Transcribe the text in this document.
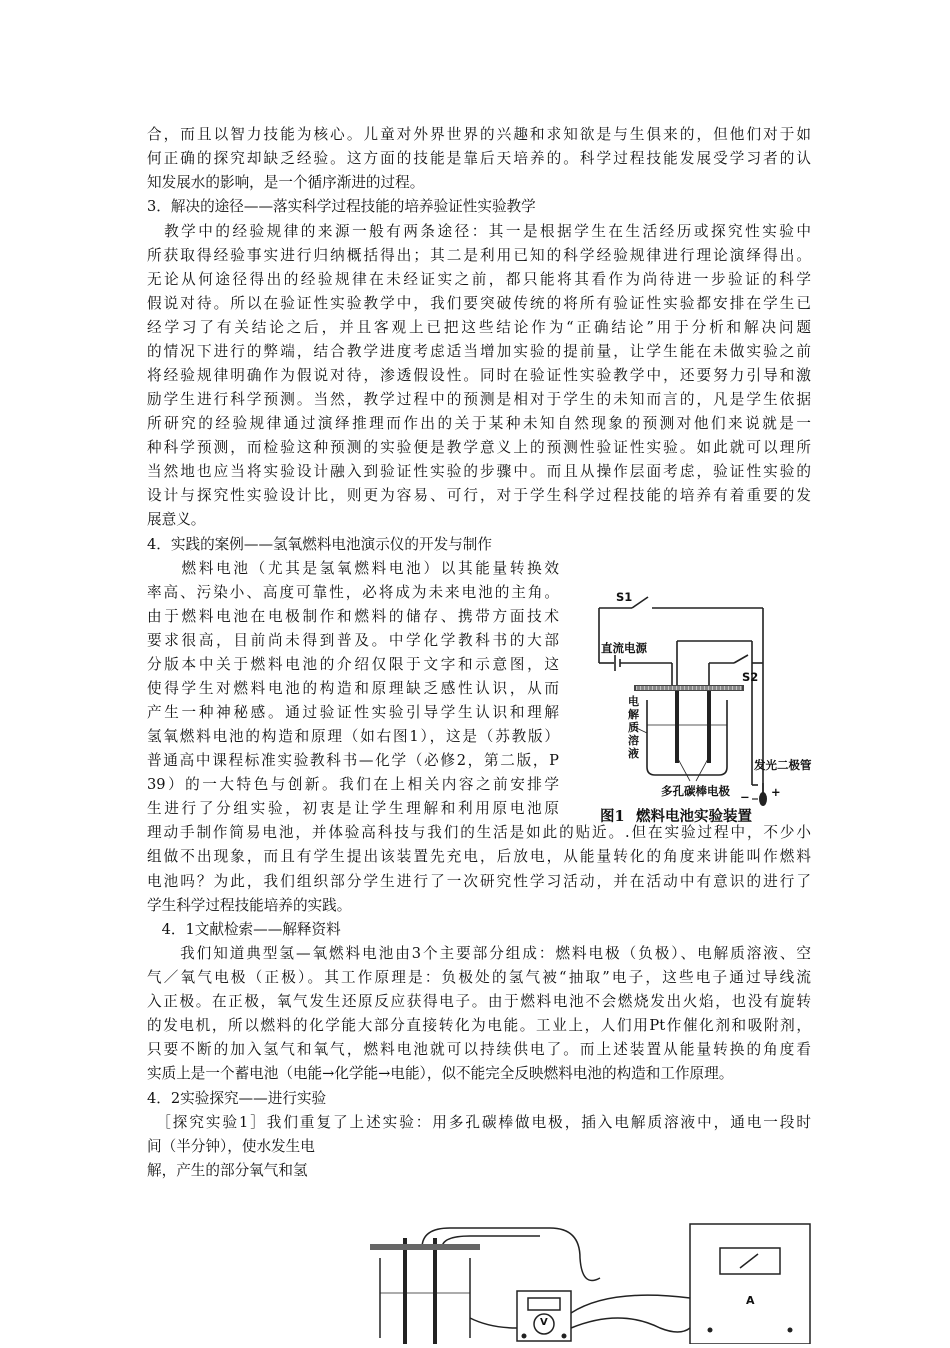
合，而且以智力技能为核心。儿童对外界世界的兴趣和求知欲是与生俱来的，但他们对于如
何正确的探究却缺乏经验。这方面的技能是靠后天培养的。科学过程技能发展受学习者的认
知发展水的影响，是一个循序渐进的过程。
3．解决的途径——落实科学过程技能的培养验证性实验教学
　教学中的经验规律的来源一般有两条途径：其一是根据学生在生活经历或探究性实验中
所获取得经验事实进行归纳概括得出；其二是利用已知的科学经验规律进行理论演绎得出。
无论从何途径得出的经验规律在未经证实之前，都只能将其看作为尚待进一步验证的科学
假说对待。所以在验证性实验教学中，我们要突破传统的将所有验证性实验都安排在学生已
经学习了有关结论之后，并且客观上已把这些结论作为“正确结论”用于分析和解决问题
的情况下进行的弊端，结合教学进度考虑适当增加实验的提前量，让学生能在未做实验之前
将经验规律明确作为假说对待，渗透假设性。同时在验证性实验教学中，还要努力引导和激
励学生进行科学预测。当然，教学过程中的预测是相对于学生的未知而言的，凡是学生依据
所研究的经验规律通过演绎推理而作出的关于某种未知自然现象的预测对他们来说就是一
种科学预测，而检验这种预测的实验便是教学意义上的预测性验证性实验。如此就可以理所
当然地也应当将实验设计融入到验证性实验的步骤中。而且从操作层面考虑，验证性实验的
设计与探究性实验设计比，则更为容易、可行，对于学生科学过程技能的培养有着重要的发
展意义。
4．实践的案例——氢氧燃料电池演示仪的开发与制作
　　燃料电池（尤其是氢氧燃料电池）以其能量转换效
率高、污染小、高度可靠性，必将成为未来电池的主角。
由于燃料电池在电极制作和燃料的储存、携带方面技术
要求很高，目前尚未得到普及。中学化学教科书的大部
分版本中关于燃料电池的介绍仅限于文字和示意图，这
使得学生对燃料电池的构造和原理缺乏感性认识，从而
产生一种神秘感。通过验证性实验引导学生认识和理解
氢氧燃料电池的构造和原理（如右图1），这是（苏教版）
普通高中课程标准实验教科书—化学（必修2，第二版，P
39）的一大特色与创新。我们在上相关内容之前安排学
生进行了分组实验，初衷是让学生理解和利用原电池原
理动手制作简易电池，并体验高科技与我们的生活是如此的贴近。.但在实验过程中，不少小
组做不出现象，而且有学生提出该装置先充电，后放电，从能量转化的角度来讲能叫作燃料
电池吗？为此，我们组织部分学生进行了一次研究性学习活动，并在活动中有意识的进行了
学生科学过程技能培养的实践。
　4．1文献检索——解释资料
　　我们知道典型氢—氧燃料电池由3个主要部分组成：燃料电极（负极）、电解质溶液、空
气／氧气电极（正极）。其工作原理是：负极处的氢气被“抽取”电子，这些电子通过导线流
入正极。在正极，氧气发生还原反应获得电子。由于燃料电池不会燃烧发出火焰，也没有旋转
的发电机，所以燃料的化学能大部分直接转化为电能。工业上，人们用Pt作催化剂和吸附剂，
只要不断的加入氢气和氧气，燃料电池就可以持续供电了。而上述装置从能量转换的角度看
实质上是一个蓄电池（电能→化学能→电能），似不能完全反映燃料电池的构造和工作原理。
4．2实验探究——进行实验
　［探究实验1］我们重复了上述实验：用多孔碳棒做电极，插入电解质溶液中，通电一段时
间（半分钟），使水发生电
解，产生的部分氧气和氢
S1
直流电源
S2
电解质溶液
− +
发光二极管
多孔碳棒电极
图1 燃料电池实验装置
V
A
